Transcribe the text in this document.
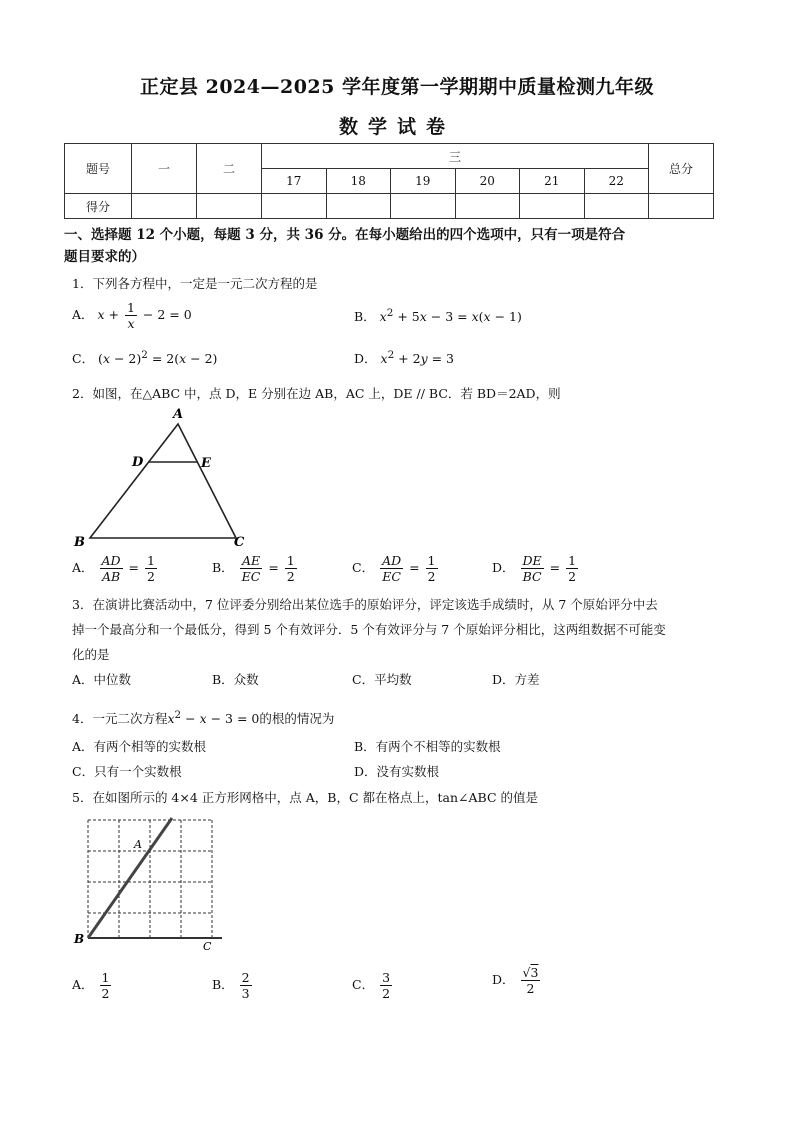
正定县 2024—2025 学年度第一学期期中质量检测九年级
数学试卷
题号	一	二	三						总分
			17	18	19	20	21	22	
得分									
一、选择题 12 个小题，每题 3 分，共 36 分。在每小题给出的四个选项中，只有一项是符合
题目要求的）
1．下列各方程中，一定是一元二次方程的是
A． $x + \frac{1}{x} - 2 = 0$	B． $x^2 + 5x - 3 = x(x - 1)$
C． $(x - 2)^2 = 2(x - 2)$	D． $x^2 + 2y = 3$
2．如图，在△ABC 中，点 D，E 分别在边 AB，AC 上，DE // BC．若 BD＝2AD，则
A
D	E
B	C
A． $\frac{AD}{AB} = \frac{1}{2}$	B． $\frac{AE}{EC} = \frac{1}{2}$	C． $\frac{AD}{EC} = \frac{1}{2}$	D． $\frac{DE}{BC} = \frac{1}{2}$
3．在演讲比赛活动中，7 位评委分别给出某位选手的原始评分，评定该选手成绩时，从 7 个原始评分中去
掉一个最高分和一个最低分，得到 5 个有效评分．5 个有效评分与 7 个原始评分相比，这两组数据不可能变
化的是
A．中位数	B．众数	C．平均数	D．方差
4．一元二次方程$x^2 - x - 3 = 0$的根的情况为
A．有两个相等的实数根	B．有两个不相等的实数根
C．只有一个实数根	D．没有实数根
5．在如图所示的 4×4 正方形网格中，点 A，B，C 都在格点上，tan∠ABC 的值是
A
B
C
A． $\frac{1}{2}$	B． $\frac{2}{3}$	C． $\frac{3}{2}$	D． $\frac{√3}{2}$
